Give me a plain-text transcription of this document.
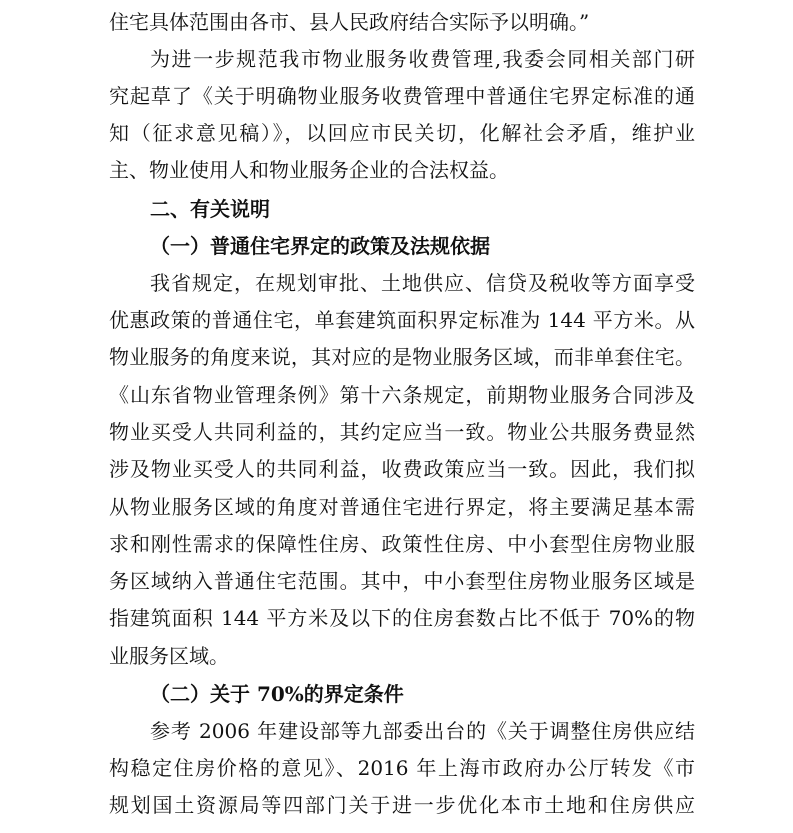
住宅具体范围由各市、县人民政府结合实际予以明确。”
为进一步规范我市物业服务收费管理,我委会同相关部门研
究起草了《关于明确物业服务收费管理中普通住宅界定标准的通
知（征求意见稿）》，以回应市民关切，化解社会矛盾，维护业
主、物业使用人和物业服务企业的合法权益。
二、有关说明
（一）普通住宅界定的政策及法规依据
我省规定，在规划审批、土地供应、信贷及税收等方面享受
优惠政策的普通住宅，单套建筑面积界定标准为 144 平方米。从
物业服务的角度来说，其对应的是物业服务区域，而非单套住宅。
《山东省物业管理条例》第十六条规定，前期物业服务合同涉及
物业买受人共同利益的，其约定应当一致。物业公共服务费显然
涉及物业买受人的共同利益，收费政策应当一致。因此，我们拟
从物业服务区域的角度对普通住宅进行界定，将主要满足基本需
求和刚性需求的保障性住房、政策性住房、中小套型住房物业服
务区域纳入普通住宅范围。其中，中小套型住房物业服务区域是
指建筑面积 144 平方米及以下的住房套数占比不低于 70%的物
业服务区域。
（二）关于 70%的界定条件
参考 2006 年建设部等九部委出台的《关于调整住房供应结
构稳定住房价格的意见》、2016 年上海市政府办公厅转发《市
规划国土资源局等四部门关于进一步优化本市土地和住房供应
